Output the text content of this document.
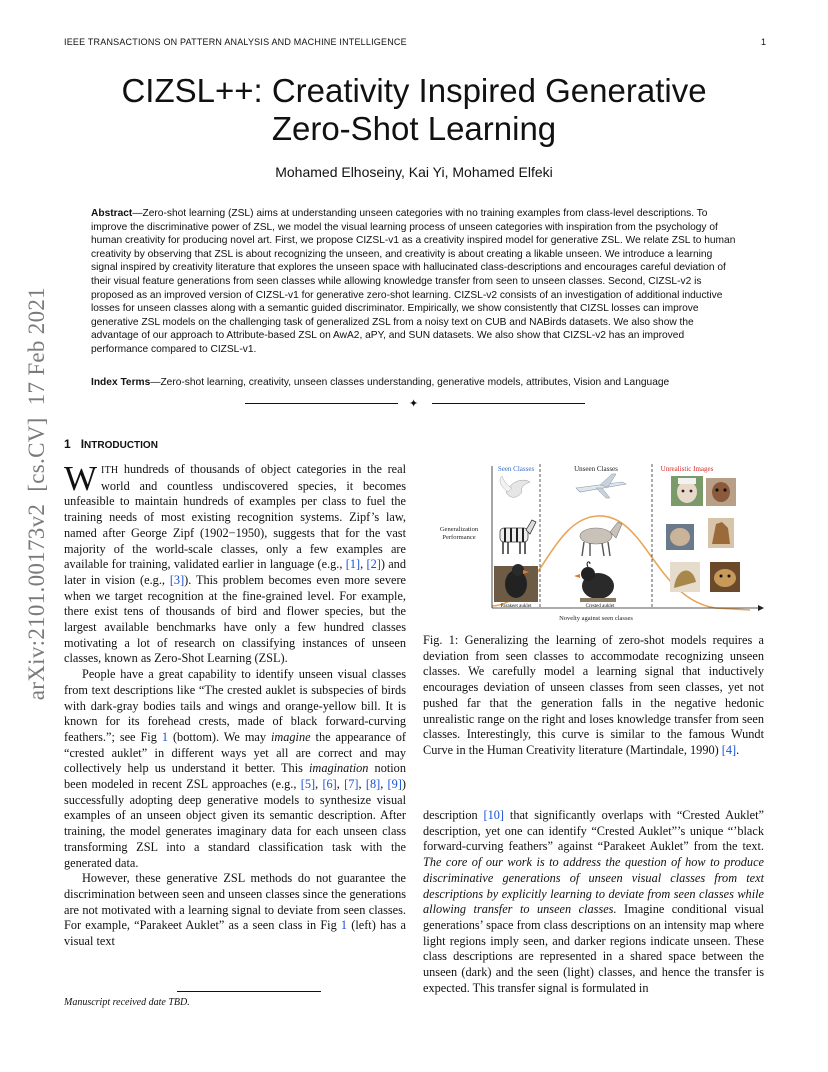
IEEE TRANSACTIONS ON PATTERN ANALYSIS AND MACHINE INTELLIGENCE	1
CIZSL++: Creativity Inspired Generative
Zero-Shot Learning
Mohamed Elhoseiny, Kai Yi, Mohamed Elfeki
Abstract—Zero-shot learning (ZSL) aims at understanding unseen categories with no training examples from class-level descriptions. To improve the discriminative power of ZSL, we model the visual learning process of unseen categories with inspiration from the psychology of human creativity for producing novel art. First, we propose CIZSL-v1 as a creativity inspired model for generative ZSL. We relate ZSL to human creativity by observing that ZSL is about recognizing the unseen, and creativity is about creating a likable unseen. We introduce a learning signal inspired by creativity literature that explores the unseen space with hallucinated class-descriptions and encourages careful deviation of their visual feature generations from seen classes while allowing knowledge transfer from seen to unseen classes. Second, CIZSL-v2 is proposed as an improved version of CIZSL-v1 for generative zero-shot learning. CIZSL-v2 consists of an investigation of additional inductive losses for unseen classes along with a semantic guided discriminator. Empirically, we show consistently that CIZSL losses can improve generative ZSL models on the challenging task of generalized ZSL from a noisy text on CUB and NABirds datasets. We also show the advantage of our approach to Attribute-based ZSL on AwA2, aPY, and SUN datasets. We also show that CIZSL-v2 has an improved performance compared to CIZSL-v1.
Index Terms—Zero-shot learning, creativity, unseen classes understanding, generative models, attributes, Vision and Language
✦
arXiv:2101.00173v2  [cs.CV]  17 Feb 2021
1 INTRODUCTION

WITH hundreds of thousands of object categories in the real world and countless undiscovered species, it becomes unfeasible to maintain hundreds of examples per class to fuel the training needs of most existing recognition systems. Zipf’s law, named after George Zipf (1902−1950), suggests that for the vast majority of the world-scale classes, only a few examples are available for training, validated earlier in language (e.g., [1], [2]) and later in vision (e.g., [3]). This problem becomes even more severe when we target recognition at the fine-grained level. For example, there exist tens of thousands of bird and flower species, but the largest available benchmarks have only a few hundred classes motivating a lot of research on classifying instances of unseen classes, known as Zero-Shot Learning (ZSL).

People have a great capability to identify unseen visual classes from text descriptions like “The crested auklet is subspecies of birds with dark-gray bodies tails and wings and orange-yellow bill. It is known for its forehead crests, made of black forward-curving feathers.”; see Fig 1 (bottom). We may imagine the appearance of “crested auklet” in different ways yet all are correct and may collectively help us understand it better. This imagination notion been modeled in recent ZSL approaches (e.g., [5], [6], [7], [8], [9]) successfully adopting deep generative models to synthesize visual examples of an unseen object given its semantic description. After training, the model generates imaginary data for each unseen class transforming ZSL into a standard classification task with the generated data.

However, these generative ZSL methods do not guarantee the discrimination between seen and unseen classes since the generations are not motivated with a learning signal to deviate from seen classes. For example, “Parakeet Auklet” as a seen class in Fig 1 (left) has a visual text

Manuscript received date TBD.
Seen Classes	Unseen Classes	Unrealistic Images
Generalization
Performance
Novelty against seen classes
Parakeet auklet	Crested auklet
Fig. 1: Generalizing the learning of zero-shot models requires a deviation from seen classes to accommodate recognizing unseen classes. We carefully model a learning signal that inductively encourages deviation of unseen classes from seen classes, yet not pushed far that the generation falls in the negative hedonic unrealistic range on the right and loses knowledge transfer from seen classes. Interestingly, this curve is similar to the famous Wundt Curve in the Human Creativity literature (Martindale, 1990) [4].

description [10] that significantly overlaps with “Crested Auklet” description, yet one can identify “Crested Auklet”’s unique “’black forward-curving feathers” against “Parakeet Auklet” from the text. The core of our work is to address the question of how to produce discriminative generations of unseen visual classes from text descriptions by explicitly learning to deviate from seen classes while allowing transfer to unseen classes. Imagine conditional visual generations’ space from class descriptions on an intensity map where light regions imply seen, and darker regions indicate unseen. These class descriptions are represented in a shared space between the unseen (dark) and the seen (light) classes, and hence the transfer is expected. This transfer signal is formulated in
